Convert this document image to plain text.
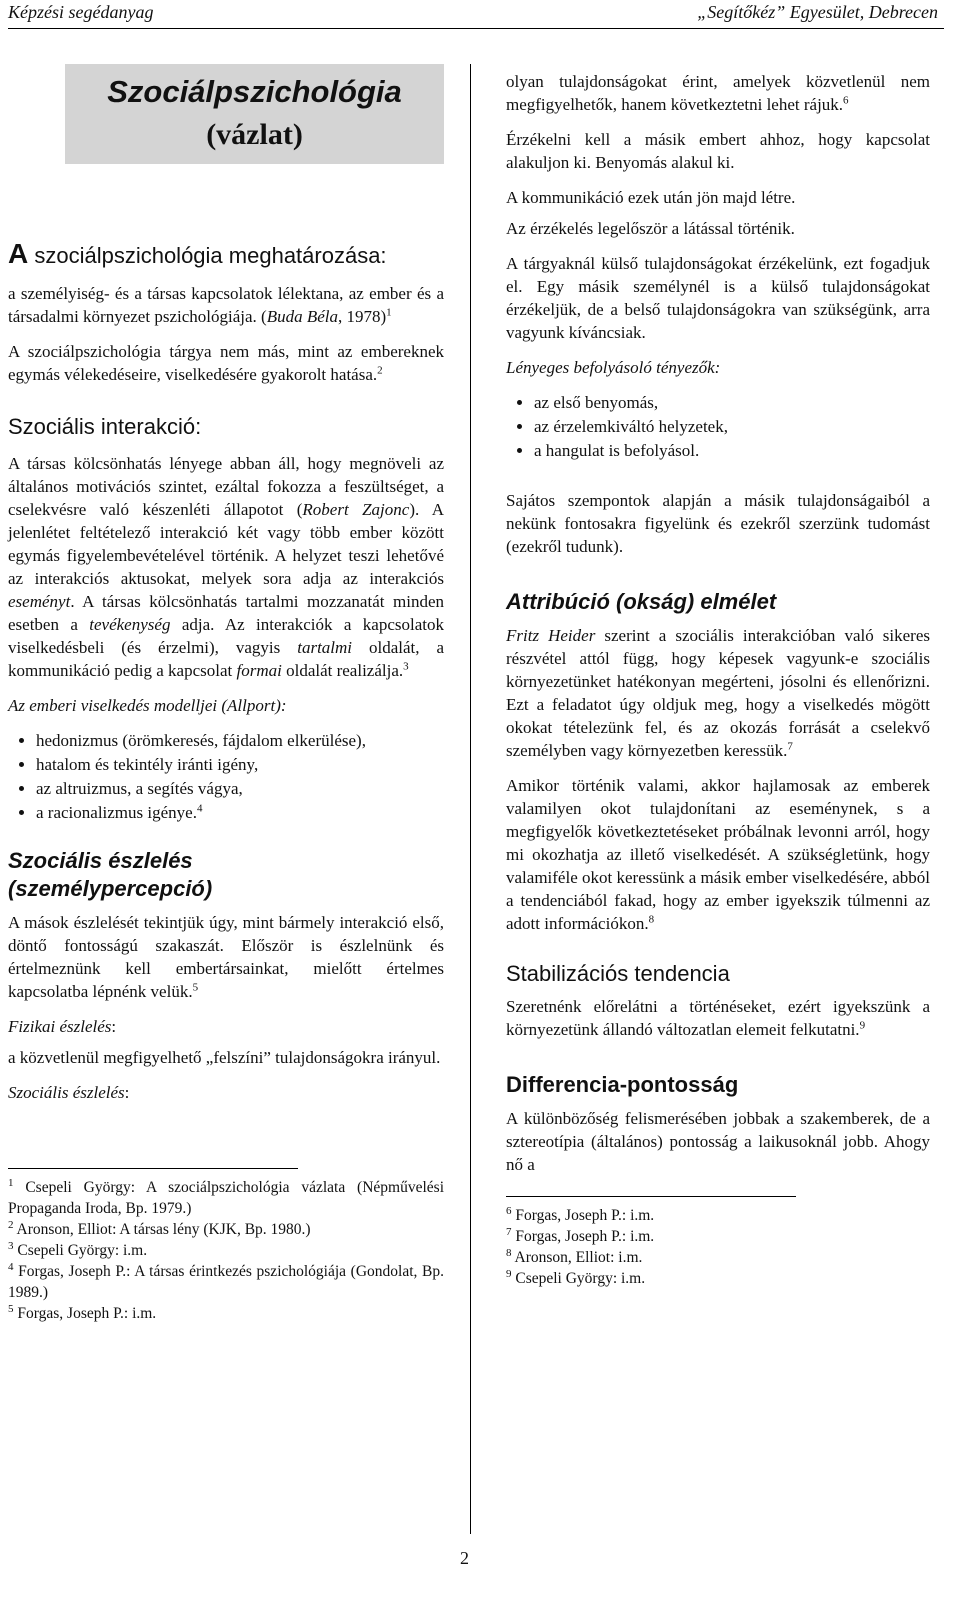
Képzési segédanyag	„Segítőkéz” Egyesület, Debrecen
Szociálpszichológia
(vázlat)
A szociálpszichológia meghatározása:

a személyiség- és a társas kapcsolatok lélektana, az ember és a társadalmi környezet pszichológiája. (Buda Béla, 1978)$^1$

A szociálpszichológia tárgya nem más, mint az embereknek egymás vélekedéseire, viselkedésére gyakorolt hatása.$^2$

Szociális interakció:

A társas kölcsönhatás lényege abban áll, hogy megnöveli az általános motivációs szintet, ezáltal fokozza a feszültséget, a cselekvésre való készenléti állapotot (Robert Zajonc). A jelenlétet feltételező interakció két vagy több ember között egymás figyelembevételével történik. A helyzet teszi lehetővé az interakciós aktusokat, melyek sora adja az interakciós eseményt. A társas kölcsönhatás tartalmi mozzanatát minden esetben a tevékenység adja. Az interakciók a kapcsolatok viselkedésbeli (és érzelmi), vagyis tartalmi oldalát, a kommunikáció pedig a kapcsolat formai oldalát realizálja.$^3$

Az emberi viselkedés modelljei (Allport):

• hedonizmus (örömkeresés, fájdalom elkerülése),
• hatalom és tekintély iránti igény,
• az altruizmus, a segítés vágya,
• a racionalizmus igénye.$^4$
Szociális észlelés
(személypercepció)

A mások észlelését tekintjük úgy, mint bármely interakció első, döntő fontosságú szakaszát. Először is észlelnünk és értelmeznünk kell embertársainkat, mielőtt értelmes kapcsolatba lépnénk velük.$^5$

Fizikai észlelés:

a közvetlenül megfigyelhető „felszíni” tulajdonságokra irányul.

Szociális észlelés:

$^1$ Csepeli György: A szociálpszichológia vázlata (Népművelési Propaganda Iroda, Bp. 1979.)

$^2$ Aronson, Elliot: A társas lény (KJK, Bp. 1980.)

$^3$ Csepeli György: i.m.

$^4$ Forgas, Joseph P.: A társas érintkezés pszichológiája (Gondolat, Bp. 1989.)

$^5$ Forgas, Joseph P.: i.m.

olyan tulajdonságokat érint, amelyek közvetlenül nem megfigyelhetők, hanem következtetni lehet rájuk.$^6$

Érzékelni kell a másik embert ahhoz, hogy kapcsolat alakuljon ki. Benyomás alakul ki.

A kommunikáció ezek után jön majd létre.

Az érzékelés legelőször a látással történik.

A tárgyaknál külső tulajdonságokat érzékelünk, ezt fogadjuk el. Egy másik személynél is a külső tulajdonságokat érzékeljük, de a belső tulajdonságokra van szükségünk, arra vagyunk kíváncsiak.

Lényeges befolyásoló tényezők:

• az első benyomás,
• az érzelemkiváltó helyzetek,
• a hangulat is befolyásol.

Sajátos szempontok alapján a másik tulajdonságaiból a nekünk fontosakra figyelünk és ezekről szerzünk tudomást (ezekről tudunk).

Attribúció (okság) elmélet

Fritz Heider szerint a szociális interakcióban való sikeres részvétel attól függ, hogy képesek vagyunk-e szociális környezetünket hatékonyan megérteni, jósolni és ellenőrizni. Ezt a feladatot úgy oldjuk meg, hogy a viselkedés mögött okokat tételezünk fel, és az okozás forrását a cselekvő személyben vagy környezetben keressük.$^7$

Amikor történik valami, akkor hajlamosak az emberek valamilyen okot tulajdonítani az eseménynek, s a megfigyelők következtetéseket próbálnak levonni arról, hogy mi okozhatja az illető viselkedését. A szükségletünk, hogy valamiféle okot keressünk a másik ember viselkedésére, abból a tendenciából fakad, hogy az ember igyekszik túlmenni az adott információkon.$^8$

Stabilizációs tendencia

Szeretnénk előrelátni a történéseket, ezért igyekszünk a környezetünk állandó változatlan elemeit felkutatni.$^9$

Differencia-pontosság

A különbözőség felismerésében jobbak a szakemberek, de a sztereotípia (általános) pontosság a laikusoknál jobb. Ahogy nő a

$^6$ Forgas, Joseph P.: i.m.

$^7$ Forgas, Joseph P.: i.m.

$^8$ Aronson, Elliot: i.m.

$^9$ Csepeli György: i.m.

2
